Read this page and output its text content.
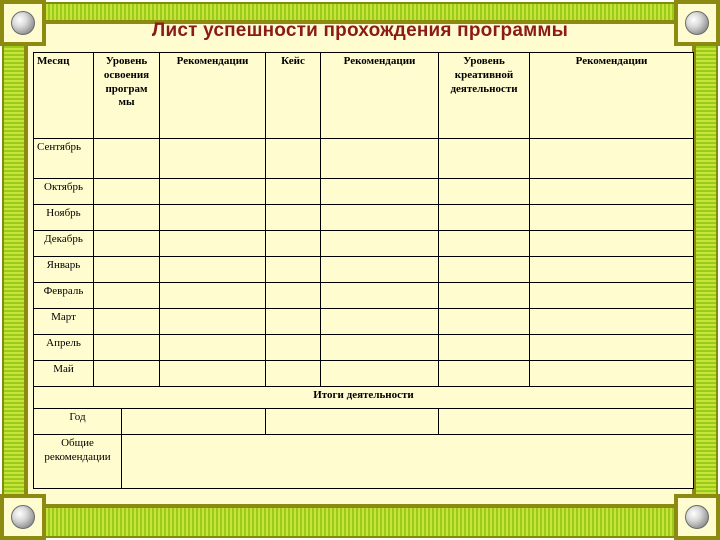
Лист успешности прохождения программы
Месяц	Уровень освоения програм мы		Рекомендации	Кейс	Рекомендации	Уровень креативной деятельности	Рекомендации
Сентябрь							
Октябрь							
Ноябрь							
Декабрь							
Январь							
Февраль							
Март							
Апрель							
Май							
Итоги деятельности							
Год							
Общие рекомендации							
